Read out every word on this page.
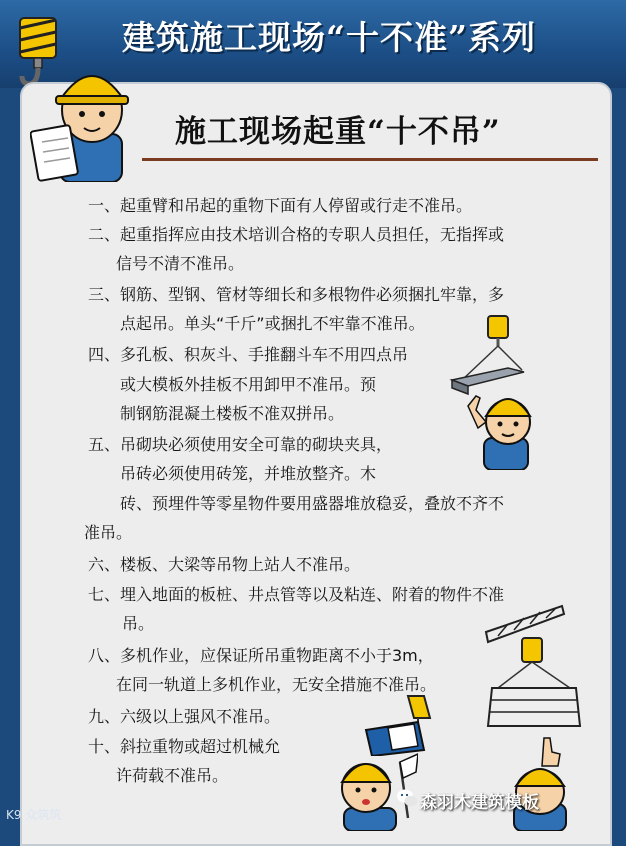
建筑施工现场“十不准”系列
施工现场起重“十不吊”
一、起重臂和吊起的重物下面有人停留或行走不准吊。
二、起重指挥应由技术培训合格的专职人员担任，无指挥或
信号不清不准吊。
三、钢筋、型钢、管材等细长和多根物件必须捆扎牢靠，多
点起吊。单头“千斤”或捆扎不牢靠不准吊。
四、多孔板、积灰斗、手推翻斗车不用四点吊
或大模板外挂板不用卸甲不准吊。预
制钢筋混凝土楼板不准双拼吊。
五、吊砌块必须使用安全可靠的砌块夹具，
吊砖必须使用砖笼，并堆放整齐。木
砖、预埋件等零星物件要用盛器堆放稳妥，叠放不齐不
准吊。
六、楼板、大梁等吊物上站人不准吊。
七、埋入地面的板桩、井点管等以及粘连、附着的物件不准
吊。
八、多机作业，应保证所吊重物距离不小于3m，
在同一轨道上多机作业，无安全措施不准吊。
九、六级以上强风不准吊。
十、斜拉重物或超过机械允
许荷载不准吊。
K9 众筑筑
森羽木建筑模板
